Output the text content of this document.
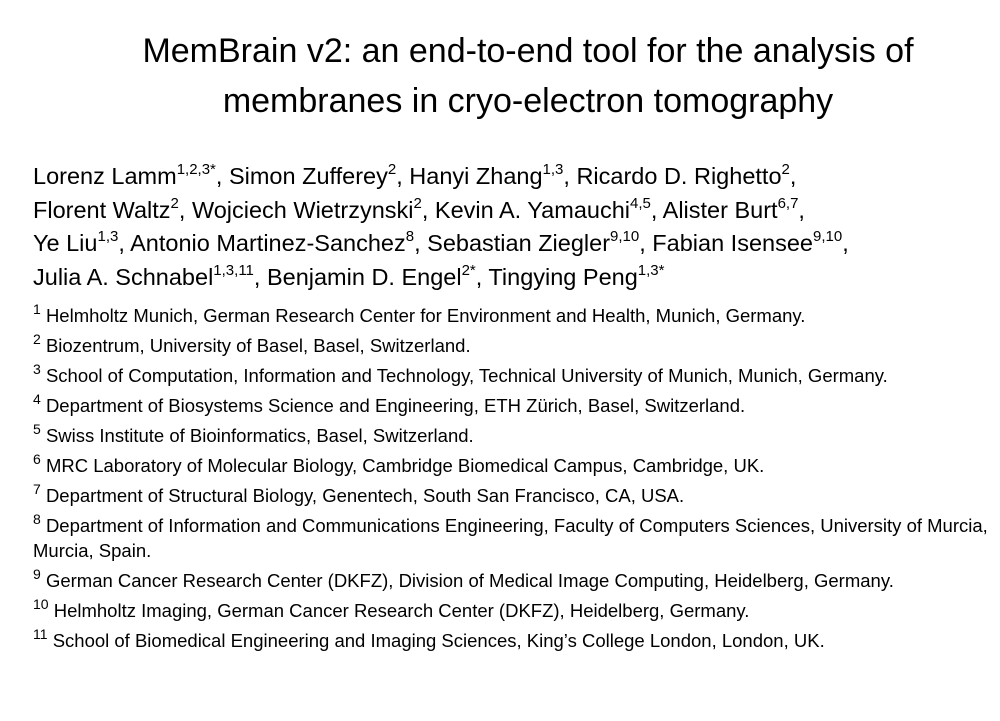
MemBrain v2: an end-to-end tool for the analysis of
membranes in cryo-electron tomography
Lorenz Lamm$^{1,2,3*}$, Simon Zufferey$^2$, Hanyi Zhang$^{1,3}$, Ricardo D. Righetto$^2$,
Florent Waltz$^2$, Wojciech Wietrzynski$^2$, Kevin A. Yamauchi$^{4,5}$, Alister Burt$^{6,7}$,
Ye Liu$^{1,3}$, Antonio Martinez-Sanchez$^8$, Sebastian Ziegler$^{9,10}$, Fabian Isensee$^{9,10}$,
Julia A. Schnabel$^{1,3,11}$, Benjamin D. Engel$^{2*}$, Tingying Peng$^{1,3*}$
$^1$ Helmholtz Munich, German Research Center for Environment and Health, Munich, Germany.
$^2$ Biozentrum, University of Basel, Basel, Switzerland.
$^3$ School of Computation, Information and Technology, Technical University of Munich, Munich, Germany.
$^4$ Department of Biosystems Science and Engineering, ETH Zürich, Basel, Switzerland.
$^5$ Swiss Institute of Bioinformatics, Basel, Switzerland.
$^6$ MRC Laboratory of Molecular Biology, Cambridge Biomedical Campus, Cambridge, UK.
$^7$ Department of Structural Biology, Genentech, South San Francisco, CA, USA.
$^8$ Department of Information and Communications Engineering, Faculty of Computers Sciences, University of Murcia, Murcia, Spain.
$^9$ German Cancer Research Center (DKFZ), Division of Medical Image Computing, Heidelberg, Germany.
$^{10}$ Helmholtz Imaging, German Cancer Research Center (DKFZ), Heidelberg, Germany.
$^{11}$ School of Biomedical Engineering and Imaging Sciences, King’s College London, London, UK.
